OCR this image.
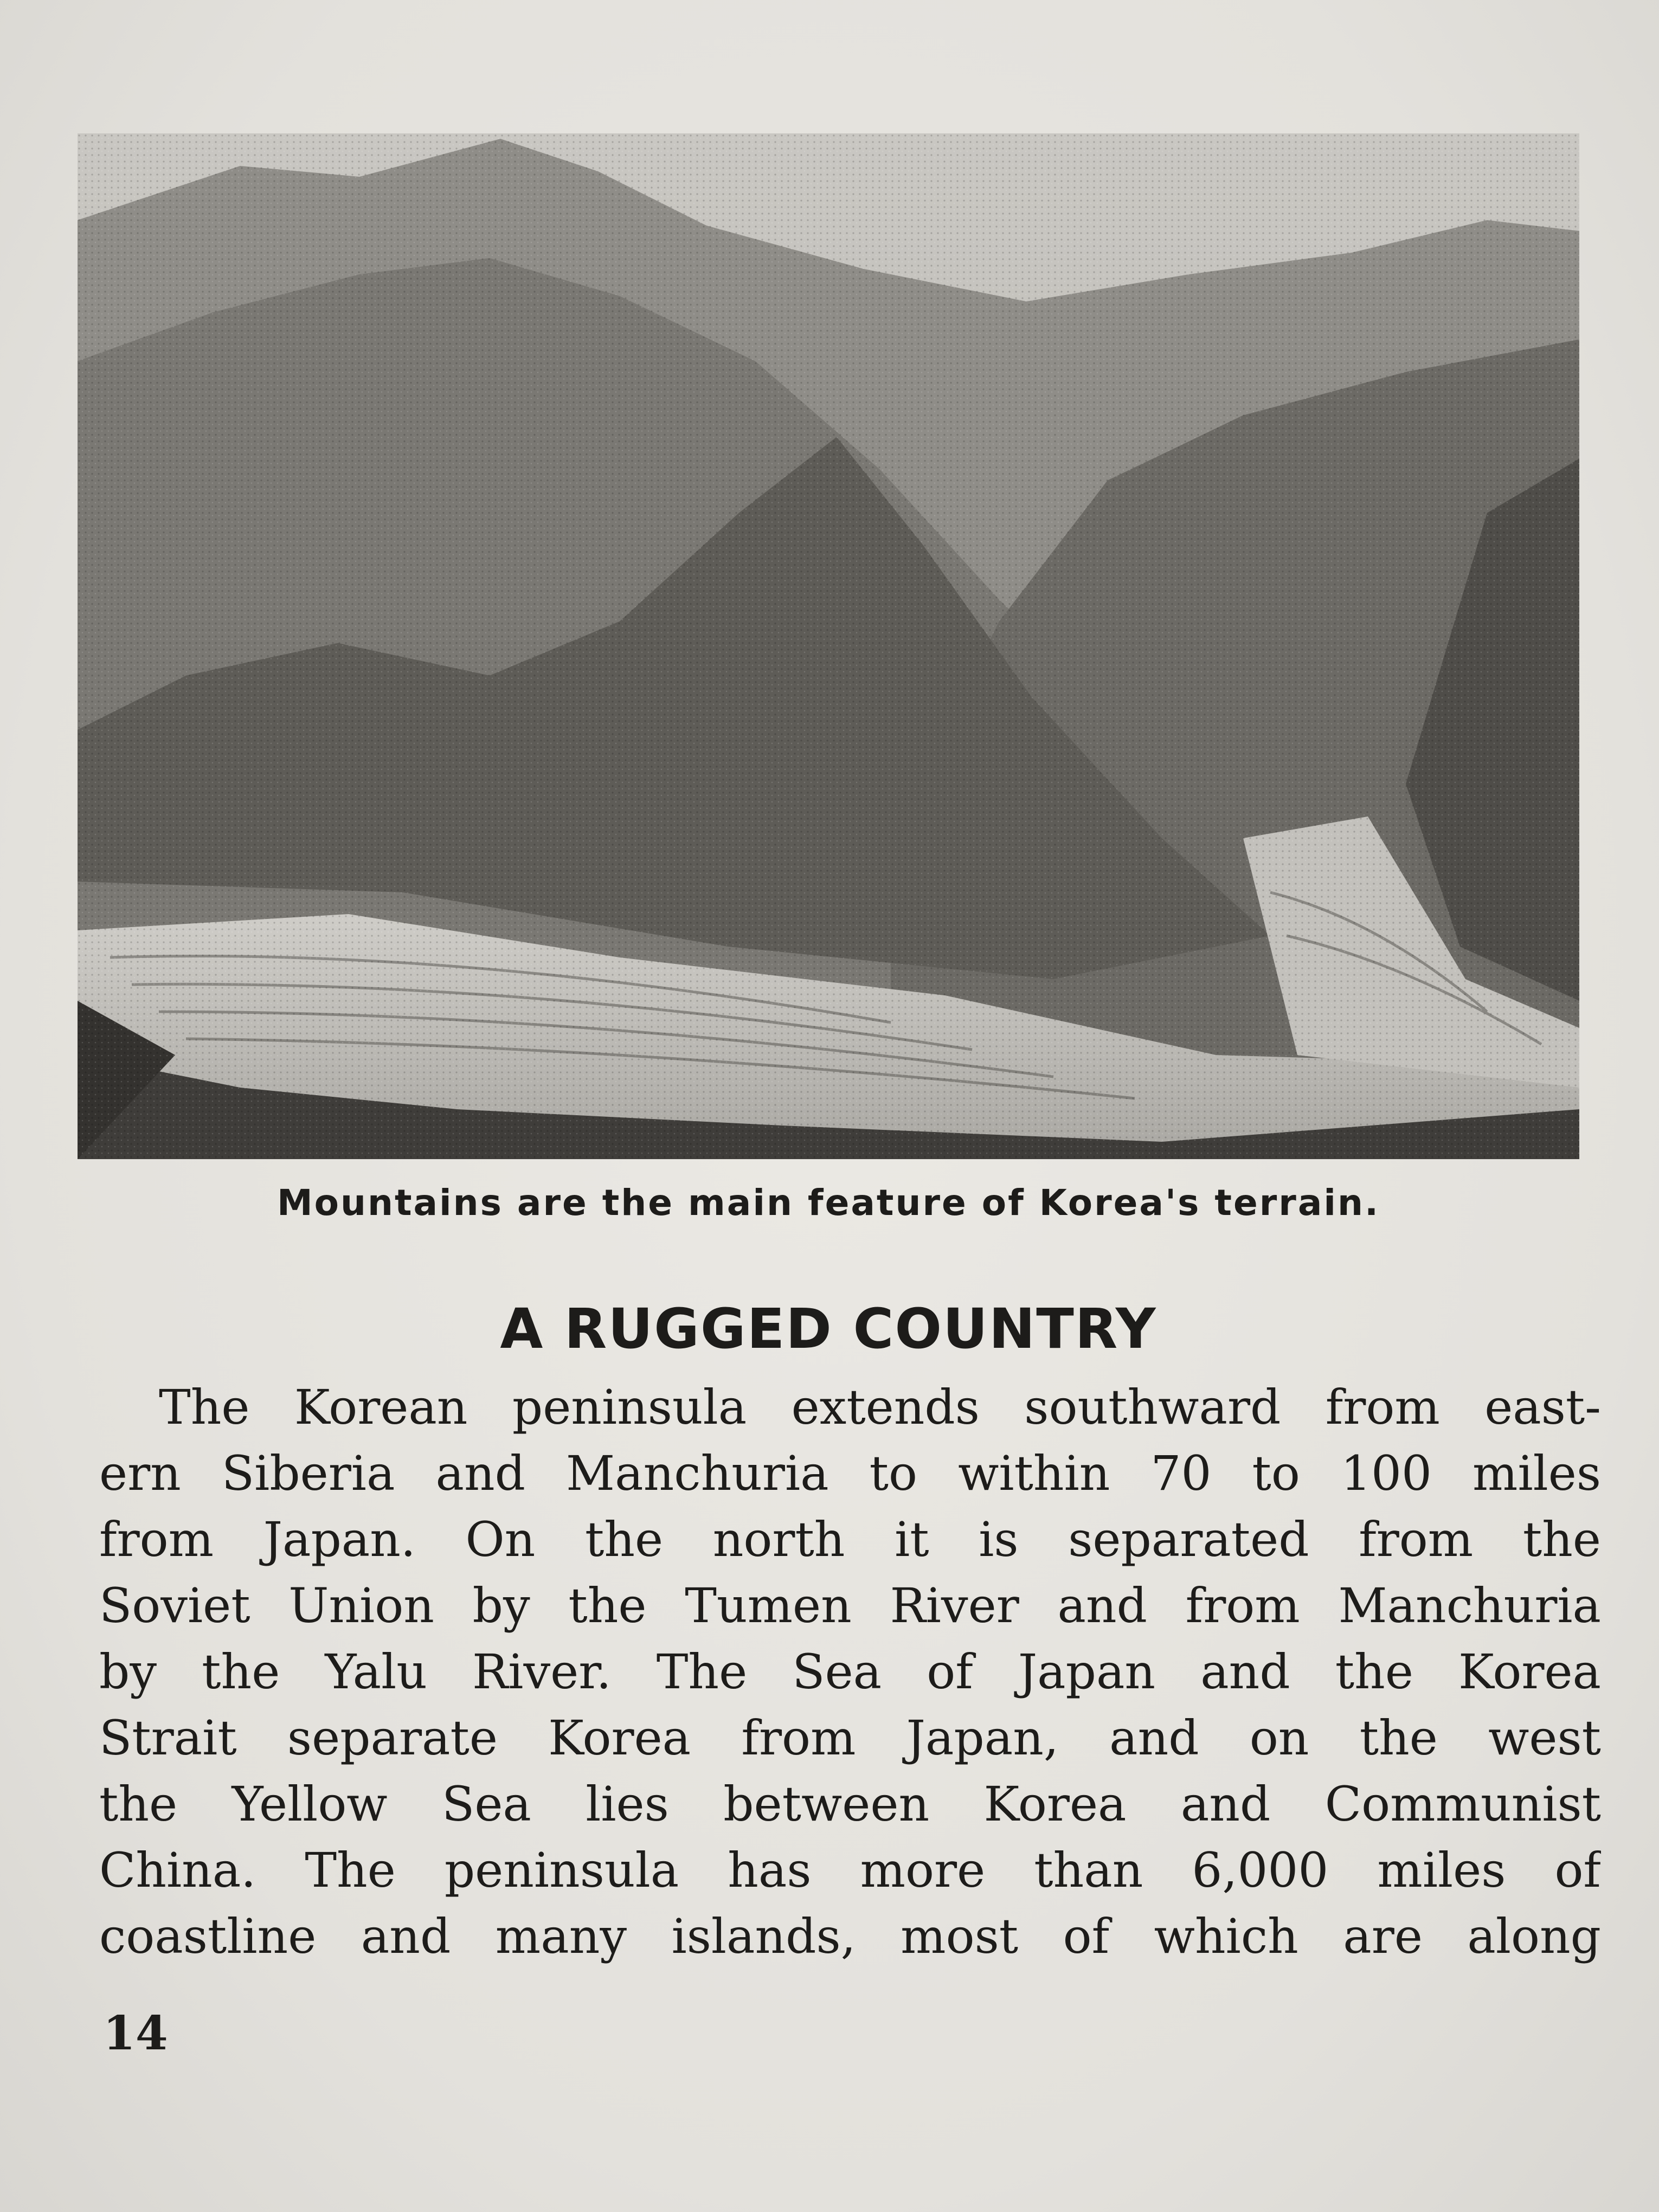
Mountains are the main feature of Korea's terrain.
A RUGGED COUNTRY
The Korean peninsula extends southward from east-
ern Siberia and Manchuria to within 70 to 100 miles
from Japan. On the north it is separated from the
Soviet Union by the Tumen River and from Manchuria
by the Yalu River. The Sea of Japan and the Korea
Strait separate Korea from Japan, and on the west
the Yellow Sea lies between Korea and Communist
China. The peninsula has more than 6,000 miles of
coastline and many islands, most of which are along
14
